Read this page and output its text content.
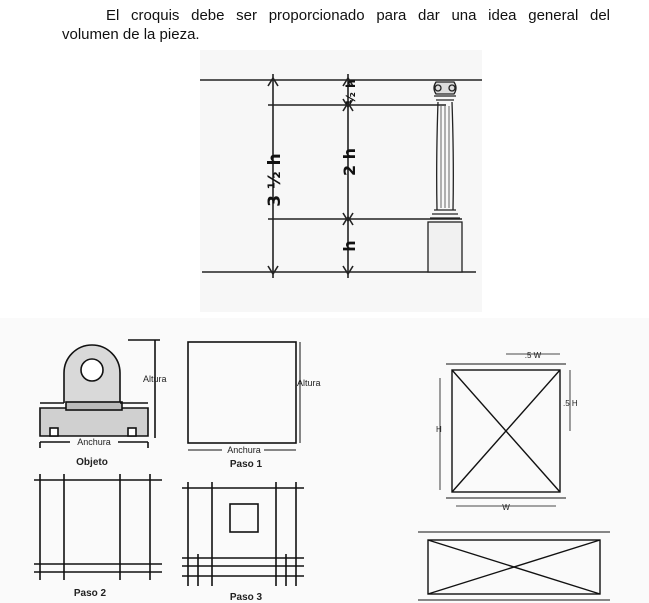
El croquis debe ser proporcionado para dar una idea general del
volumen de la pieza.
3 ½ h
½ h
2 h
h
Altura
Anchura
Objeto
Altura
Anchura
Paso 1
Paso 2	Paso 3
.5 W
.5 H
H
W
